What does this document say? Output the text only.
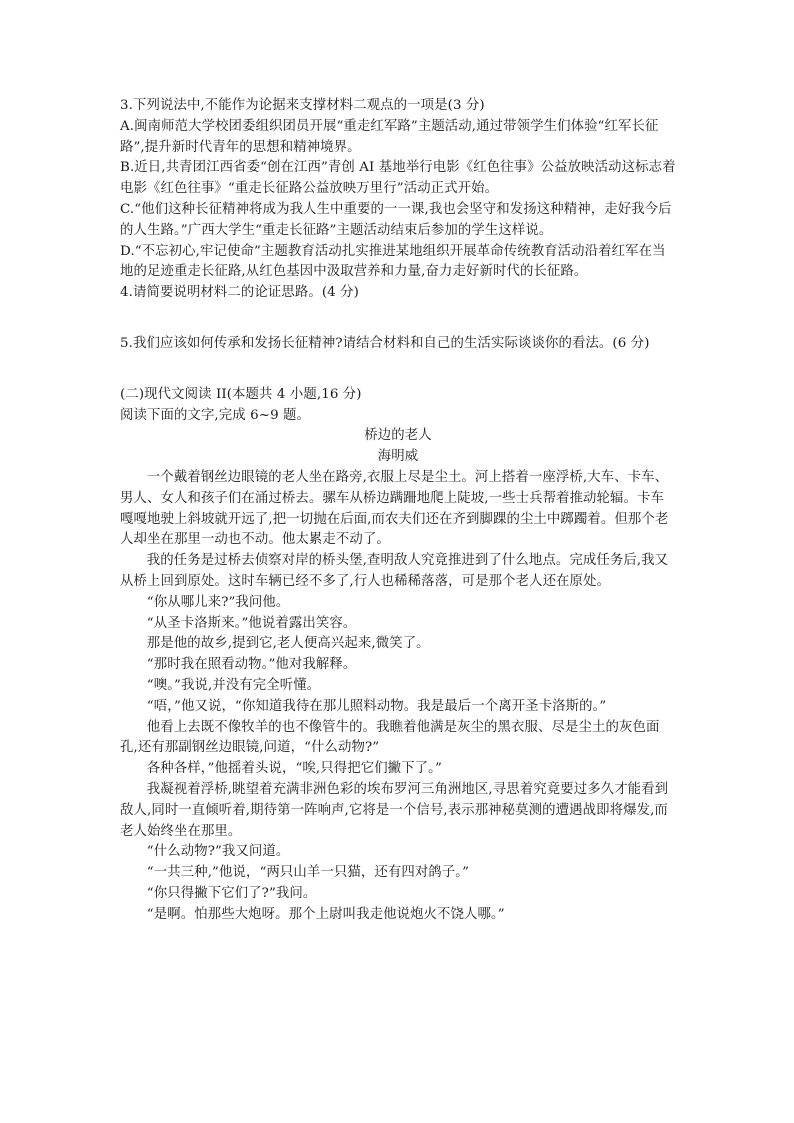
3.下列说法中,不能作为论据来支撑材料二观点的一项是(3 分)

A.闽南师范大学校团委组织团员开展“重走红军路”主题活动,通过带领学生们体验“红军长征路”,提升新时代青年的思想和精神境界。

B.近日,共青团江西省委“创在江西”青创 AI 基地举行电影《红色往事》公益放映活动这标志着电影《红色往事》“重走长征路公益放映万里行”活动正式开始。

C.“他们这种长征精神将成为我人生中重要的一一课,我也会坚守和发扬这种精神，走好我今后的人生路。”广西大学生“重走长征路”主题活动结束后参加的学生这样说。

D.“不忘初心,牢记使命”主题教育活动扎实推进某地组织开展革命传统教育活动沿着红军在当地的足迹重走长征路,从红色基因中汲取营养和力量,奋力走好新时代的长征路。

4.请简要说明材料二的论证思路。(4 分)

5.我们应该如何传承和发扬长征精神?请结合材料和自己的生活实际谈谈你的看法。(6 分)

(二)现代文阅读 II(本题共 4 小题,16 分)

阅读下面的文字,完成 6~9 题。

桥边的老人

海明威

一个戴着钢丝边眼镜的老人坐在路旁,衣服上尽是尘土。河上搭着一座浮桥,大车、卡车、男人、女人和孩子们在涌过桥去。骡车从桥边蹒跚地爬上陡坡,一些士兵帮着推动轮辐。卡车嘎嘎地驶上斜坡就开远了,把一切抛在后面,而农夫们还在齐到脚踝的尘土中踯躅着。但那个老人却坐在那里一动也不动。他太累走不动了。

我的任务是过桥去侦察对岸的桥头堡,查明敌人究竟推进到了什么地点。完成任务后,我又从桥上回到原处。这时车辆已经不多了,行人也稀稀落落，可是那个老人还在原处。

“你从哪儿来?”我问他。

“从圣卡洛斯来。”他说着露出笑容。

那是他的故乡,提到它,老人便高兴起来,微笑了。

“那时我在照看动物。”他对我解释。

“噢。”我说,并没有完全听懂。

“唔，”他又说，“你知道我待在那儿照料动物。我是最后一个离开圣卡洛斯的。”

他看上去既不像牧羊的也不像管牛的。我瞧着他满是灰尘的黑衣服、尽是尘土的灰色面孔,还有那副钢丝边眼镜,问道，“什么动物?”

各种各样，”他摇着头说，“唉,只得把它们撇下了。”

我凝视着浮桥,眺望着充满非洲色彩的埃布罗河三角洲地区,寻思着究竟要过多久才能看到敌人,同时一直倾听着,期待第一阵响声,它将是一个信号,表示那神秘莫测的遭遇战即将爆发,而老人始终坐在那里。

“什么动物?”我又问道。

“一共三种,”他说，“两只山羊一只猫，还有四对鸽子。”

“你只得撇下它们了?”我问。

“是啊。怕那些大炮呀。那个上尉叫我走他说炮火不饶人哪。”
